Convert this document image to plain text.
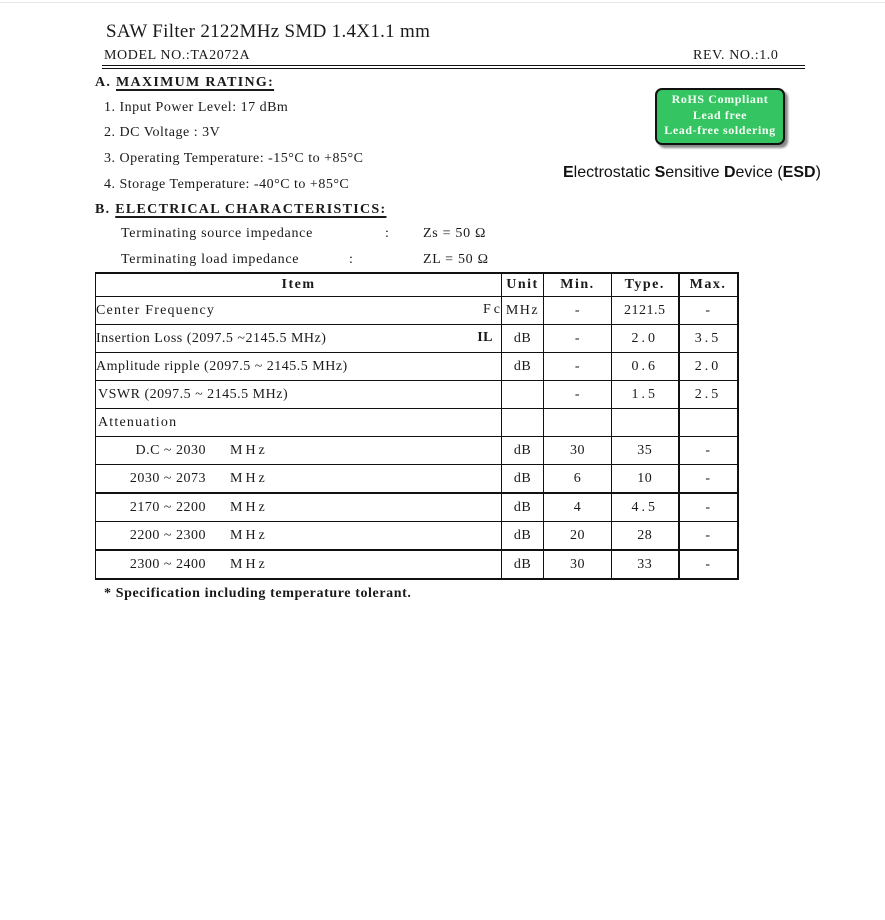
SAW Filter 2122MHz SMD 1.4X1.1 mm
MODEL NO.:TA2072A	REV. NO.:1.0
A. MAXIMUM RATING:
1. Input Power Level: 17 dBm
2. DC Voltage : 3V
3. Operating Temperature: -15°C to +85°C
4. Storage Temperature: -40°C to +85°C
RoHS Compliant
Lead free
Lead-free soldering
Electrostatic Sensitive Device (ESD)
B. ELECTRICAL CHARACTERISTICS:
Terminating source impedance	: Zs = 50 Ω
Terminating load impedance	:	ZL = 50 Ω
Item	Unit	Min.	Type.	Max.
Center Frequency Fc	MHz	-	2121.5	-
Insertion Loss (2097.5 ~2145.5 MHz) IL	dB	-	2.0	3.5
Amplitude ripple (2097.5 ~ 2145.5 MHz)	dB	-	0.6	2.0
VSWR (2097.5 ~ 2145.5 MHz)		-	1.5	2.5
Attenuation				
D.C ~ 2030 MHz	dB	30	35	-
2030 ~ 2073 MHz	dB	6	10	-
2170 ~ 2200 MHz	dB	4	4.5	-
2200 ~ 2300 MHz	dB	20	28	-
2300 ~ 2400 MHz	dB	30	33	-
* Specification including temperature tolerant.
